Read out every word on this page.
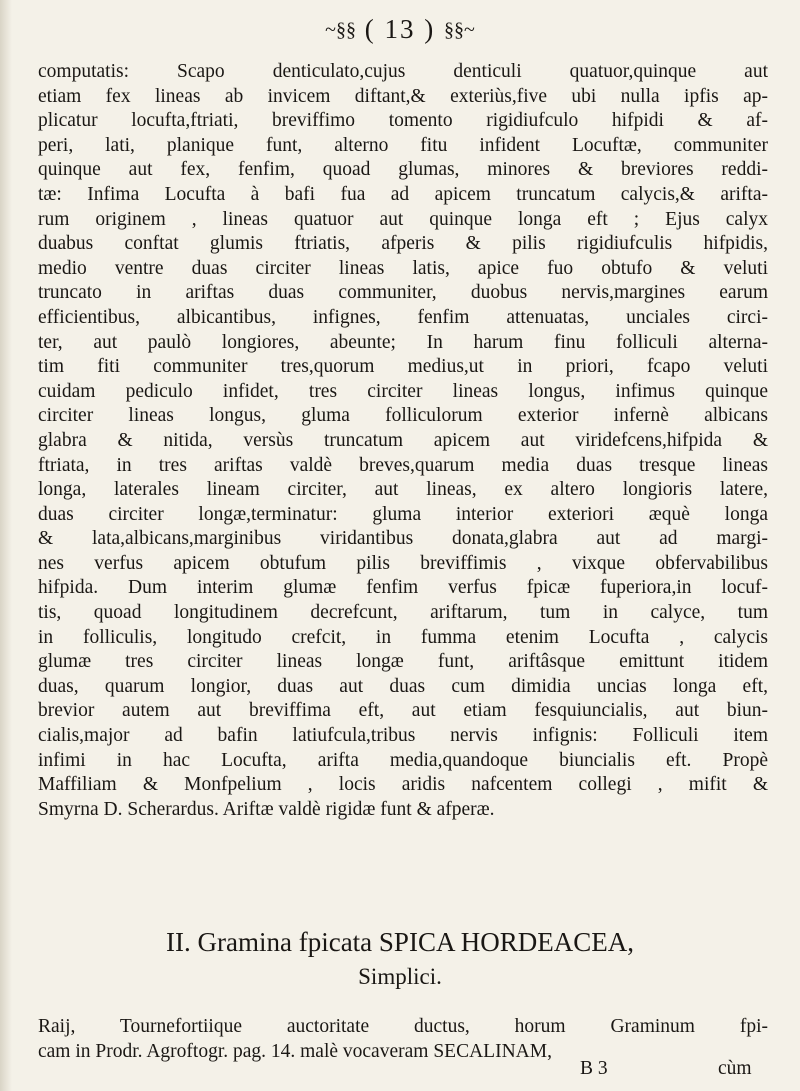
~§§ ( 13 ) §§~
computatis: Scapo denticulato,cujus denticuli quatuor,quinque aut
etiam fex lineas ab invicem diftant,& exteriùs,five ubi nulla ipfis ap-
plicatur locufta,ftriati, breviffimo tomento rigidiufculo hifpidi & af-
peri, lati, planique funt, alterno fitu infident Locuftæ, communiter
quinque aut fex, fenfim, quoad glumas, minores & breviores reddi-
tæ: Infima Locufta à bafi fua ad apicem truncatum calycis,& arifta-
rum originem , lineas quatuor aut quinque longa eft ; Ejus calyx
duabus conftat glumis ftriatis, afperis & pilis rigidiufculis hifpidis,
medio ventre duas circiter lineas latis, apice fuo obtufo & veluti
truncato in ariftas duas communiter, duobus nervis,margines earum
efficientibus, albicantibus, infignes, fenfim attenuatas, unciales circi-
ter, aut paulò longiores, abeunte; In harum finu folliculi alterna-
tim fiti communiter tres,quorum medius,ut in priori, fcapo veluti
cuidam pediculo infidet, tres circiter lineas longus, infimus quinque
circiter lineas longus, gluma folliculorum exterior infernè albicans
glabra & nitida, versùs truncatum apicem aut viridefcens,hifpida &
ftriata, in tres ariftas valdè breves,quarum media duas tresque lineas
longa, laterales lineam circiter, aut lineas, ex altero longioris latere,
duas circiter longæ,terminatur: gluma interior exteriori æquè longa
& lata,albicans,marginibus viridantibus donata,glabra aut ad margi-
nes verfus apicem obtufum pilis breviffimis , vixque obfervabilibus
hifpida. Dum interim glumæ fenfim verfus fpicæ fuperiora,in locuf-
tis, quoad longitudinem decrefcunt, ariftarum, tum in calyce, tum
in folliculis, longitudo crefcit, in fumma etenim Locufta , calycis
glumæ tres circiter lineas longæ funt, ariftâsque emittunt itidem
duas, quarum longior, duas aut duas cum dimidia uncias longa eft,
brevior autem aut breviffima eft, aut etiam fesquiuncialis, aut biun-
cialis,major ad bafin latiufcula,tribus nervis infignis: Folliculi item
infimi in hac Locufta, arifta media,quandoque biuncialis eft. Propè
Maffiliam & Monfpelium , locis aridis nafcentem collegi , mifit &
Smyrna D. Scherardus. Ariftæ valdè rigidæ funt & afperæ.
II. Gramina fpicata SPICA HORDEACEA,
Simplici.
Raij, Tournefortiique auctoritate ductus, horum Graminum fpi-
cam in Prodr. Agroftogr. pag. 14. malè vocaveram SECALINAM,
B 3	cùm
